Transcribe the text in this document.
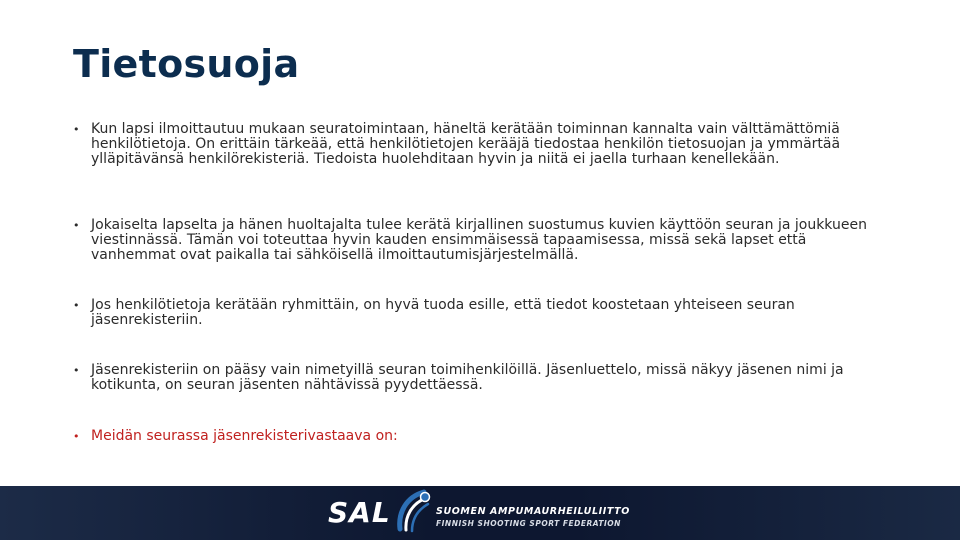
Tietosuoja
• Kun lapsi ilmoittautuu mukaan seuratoimintaan, häneltä kerätään toiminnan kannalta vain välttämättömiä henkilötietoja. On erittäin tärkeää, että henkilötietojen kerääjä tiedostaa henkilön tietosuojan ja ymmärtää ylläpitävänsä henkilörekisteriä. Tiedoista huolehditaan hyvin ja niitä ei jaella turhaan kenellekään.
• Jokaiselta lapselta ja hänen huoltajalta tulee kerätä kirjallinen suostumus kuvien käyttöön seuran ja joukkueen viestinnässä. Tämän voi toteuttaa hyvin kauden ensimmäisessä tapaamisessa, missä sekä lapset että vanhemmat ovat paikalla tai sähköisellä ilmoittautumisjärjestelmällä.
• Jos henkilötietoja kerätään ryhmittäin, on hyvä tuoda esille, että tiedot koostetaan yhteiseen seuran jäsenrekisteriin.
• Jäsenrekisteriin on pääsy vain nimetyillä seuran toimihenkilöillä. Jäsenluettelo, missä näkyy jäsenen nimi ja kotikunta, on seuran jäsenten nähtävissä pyydettäessä.
• Meidän seurassa jäsenrekisterivastaava on:
SAL	SUOMEN AMPUMAURHEILULIITTO
FINNISH SHOOTING SPORT FEDERATION
